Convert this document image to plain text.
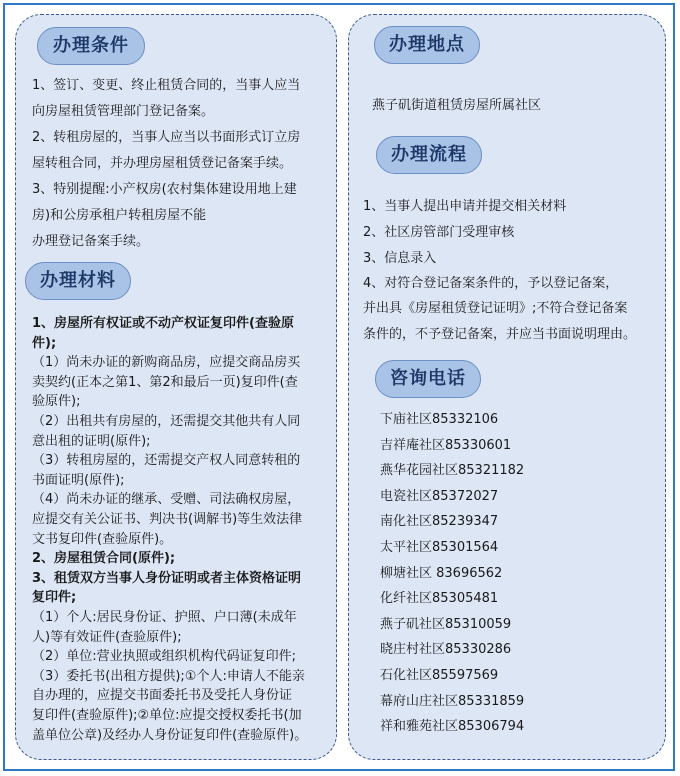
办理条件
1、签订、变更、终止租赁合同的，当事人应当
向房屋租赁管理部门登记备案。
2、转租房屋的，当事人应当以书面形式订立房
屋转租合同，并办理房屋租赁登记备案手续。
3、特别提醒:小产权房(农村集体建设用地上建
房)和公房承租户转租房屋不能
办理登记备案手续。
办理材料
1、房屋所有权证或不动产权证复印件(查验原
件);
（1）尚未办证的新购商品房，应提交商品房买
卖契约(正本之第1、第2和最后一页)复印件(查
验原件);
（2）出租共有房屋的，还需提交其他共有人同
意出租的证明(原件);
（3）转租房屋的，还需提交产权人同意转租的
书面证明(原件);
（4）尚未办证的继承、受赠、司法确权房屋，
应提交有关公证书、判决书(调解书)等生效法律
文书复印件(查验原件)。
2、房屋租赁合同(原件);
3、租赁双方当事人身份证明或者主体资格证明
复印件;
（1）个人:居民身份证、护照、户口薄(未成年
人)等有效证件(查验原件);
（2）单位:营业执照或组织机构代码证复印件;
（3）委托书(出租方提供);①个人:申请人不能亲
自办理的，应提交书面委托书及受托人身份证
复印件(查验原件);②单位:应提交授权委托书(加
盖单位公章)及经办人身份证复印件(查验原件)。
办理地点
燕子矶街道租赁房屋所属社区
办理流程
1、当事人提出申请并提交相关材料
2、社区房管部门受理审核
3、信息录入
4、对符合登记备案条件的，予以登记备案，
并出具《房屋租赁登记证明》;不符合登记备案
条件的，不予登记备案，并应当书面说明理由。
咨询电话
下庙社区85332106
吉祥庵社区85330601
燕华花园社区85321182
电瓷社区85372027
南化社区85239347
太平社区85301564
柳塘社区 83696562
化纤社区85305481
燕子矶社区85310059
晓庄村社区85330286
石化社区85597569
幕府山庄社区85331859
祥和雅苑社区85306794
